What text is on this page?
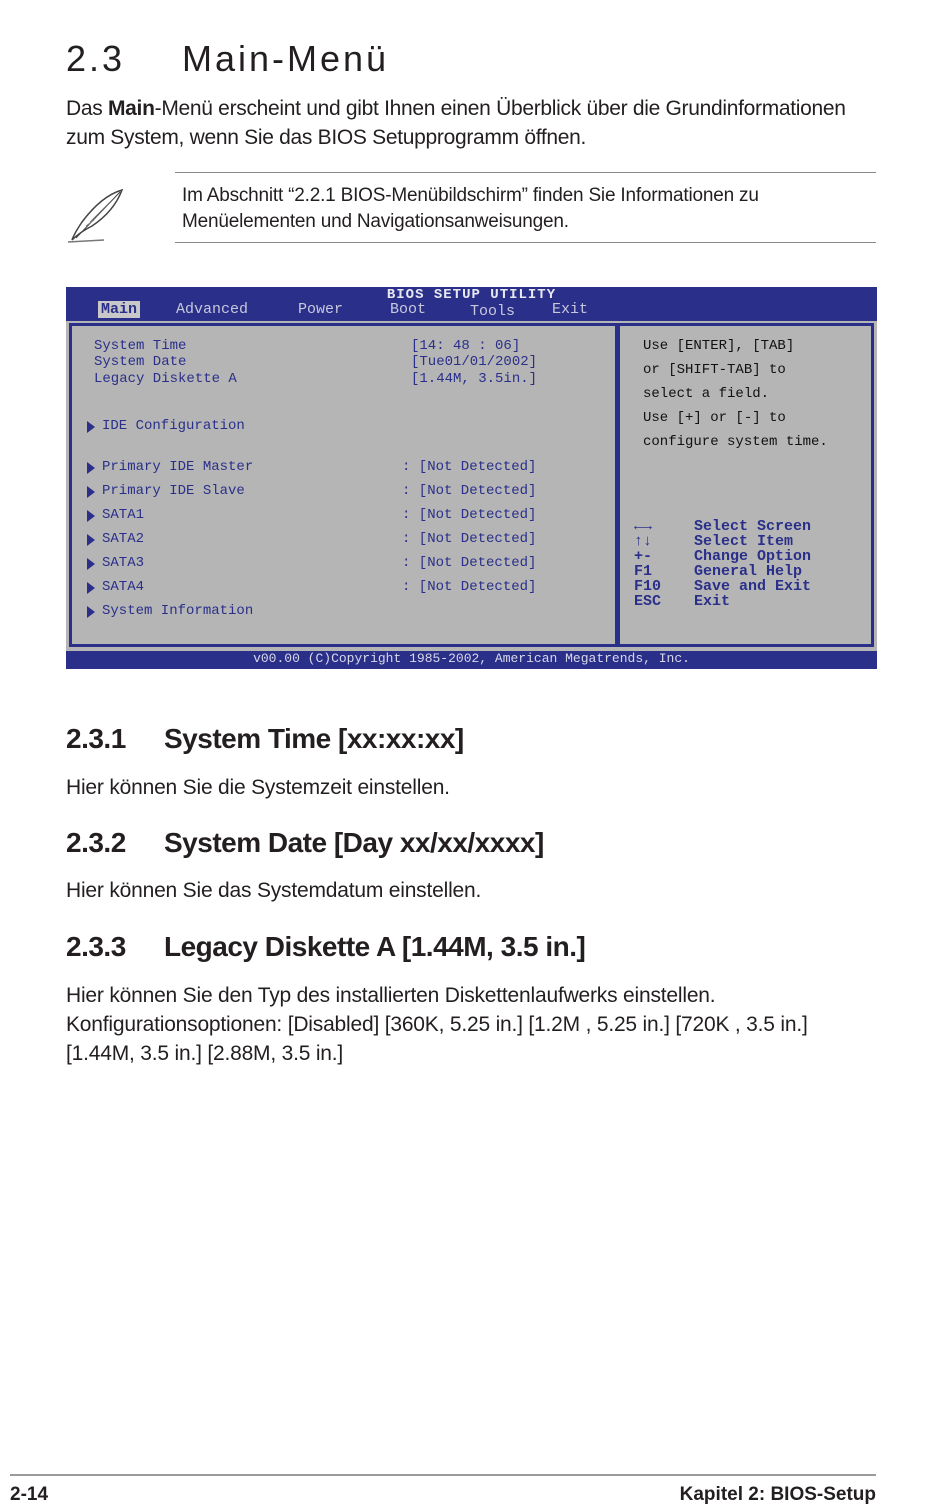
2.3 Main-Menü
Das Main-Menü erscheint und gibt Ihnen einen Überblick über die Grundinformationen zum System, wenn Sie das BIOS Setupprogramm öffnen.
Im Abschnitt “2.2.1 BIOS-Menübildschirm” finden Sie Informationen zu Menüelementen und Navigationsanweisungen.
BIOS SETUP UTILITY
Main	Advanced	Power	Boot	Tools Exit
System Time	[14: 48 : 06]
System Date	[Tue01/01/2002]
Legacy Diskette A	[1.44M, 3.5in.]
IDE Configuration
Primary IDE Master	: [Not Detected]
Primary IDE Slave	: [Not Detected]
SATA1	: [Not Detected]
SATA2	: [Not Detected]
SATA3	: [Not Detected]
SATA4	: [Not Detected]
System Information
Use [ENTER], [TAB]
or [SHIFT-TAB] to
select a field.
Use [+] or [-] to
configure system time.
←→	Select Screen
↑↓	Select Item
+-	Change Option
F1	General Help
F10 Save and Exit
ESC Exit
v00.00 (C)Copyright 1985-2002, American Megatrends, Inc.
2.3.1 System Time [xx:xx:xx]
Hier können Sie die Systemzeit einstellen.
2.3.2 System Date [Day xx/xx/xxxx]
Hier können Sie das Systemdatum einstellen.
2.3.3 Legacy Diskette A [1.44M, 3.5 in.]
Hier können Sie den Typ des installierten Diskettenlaufwerks einstellen. Konfigurationsoptionen: [Disabled] [360K, 5.25 in.] [1.2M , 5.25 in.] [720K , 3.5 in.] [1.44M, 3.5 in.] [2.88M, 3.5 in.]
2-14	Kapitel 2: BIOS-Setup
